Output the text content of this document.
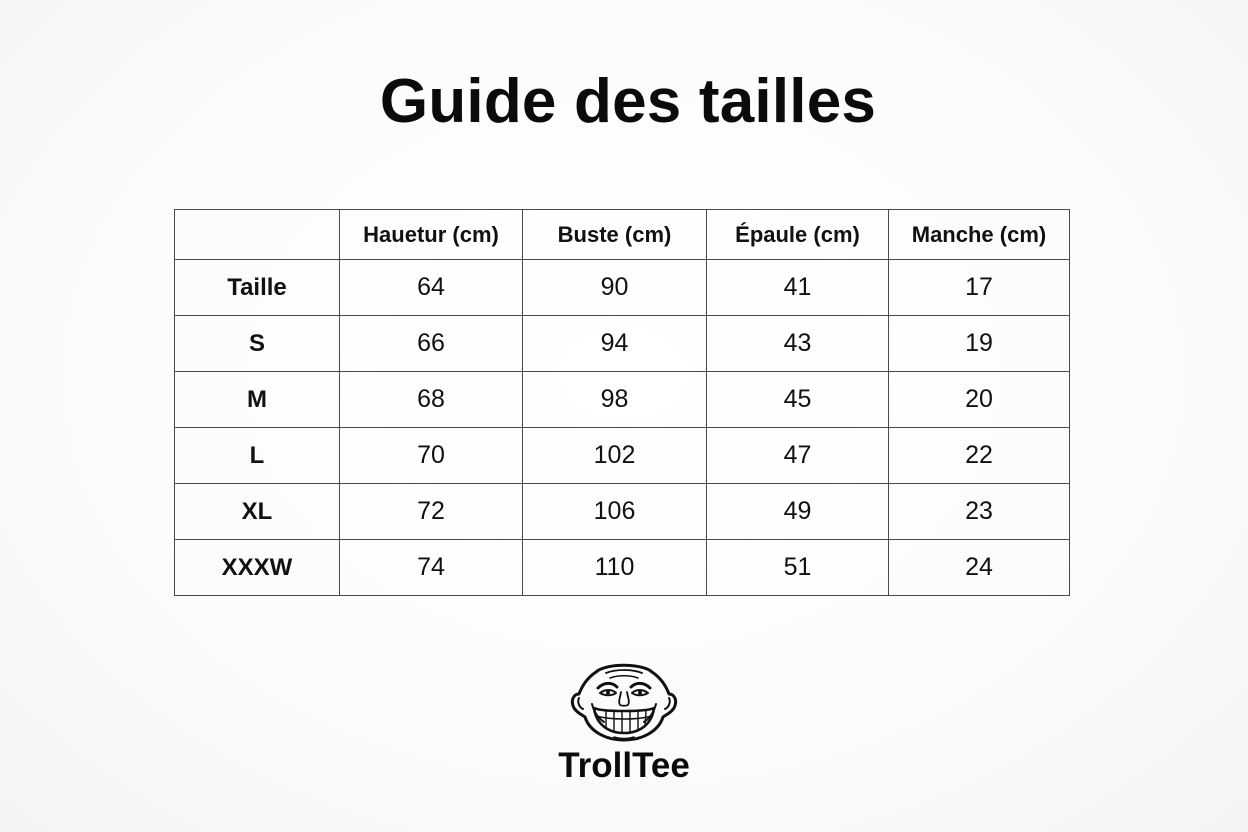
Guide des tailles
	Hauetur (cm)	Buste (cm)	Épaule (cm)	Manche (cm)
Taille	64	90	41	17
S	66	94	43	19
M	68	98	45	20
L	70	102	47	22
XL	72	106	49	23
XXXW	74	110	51	24
TrollTee
